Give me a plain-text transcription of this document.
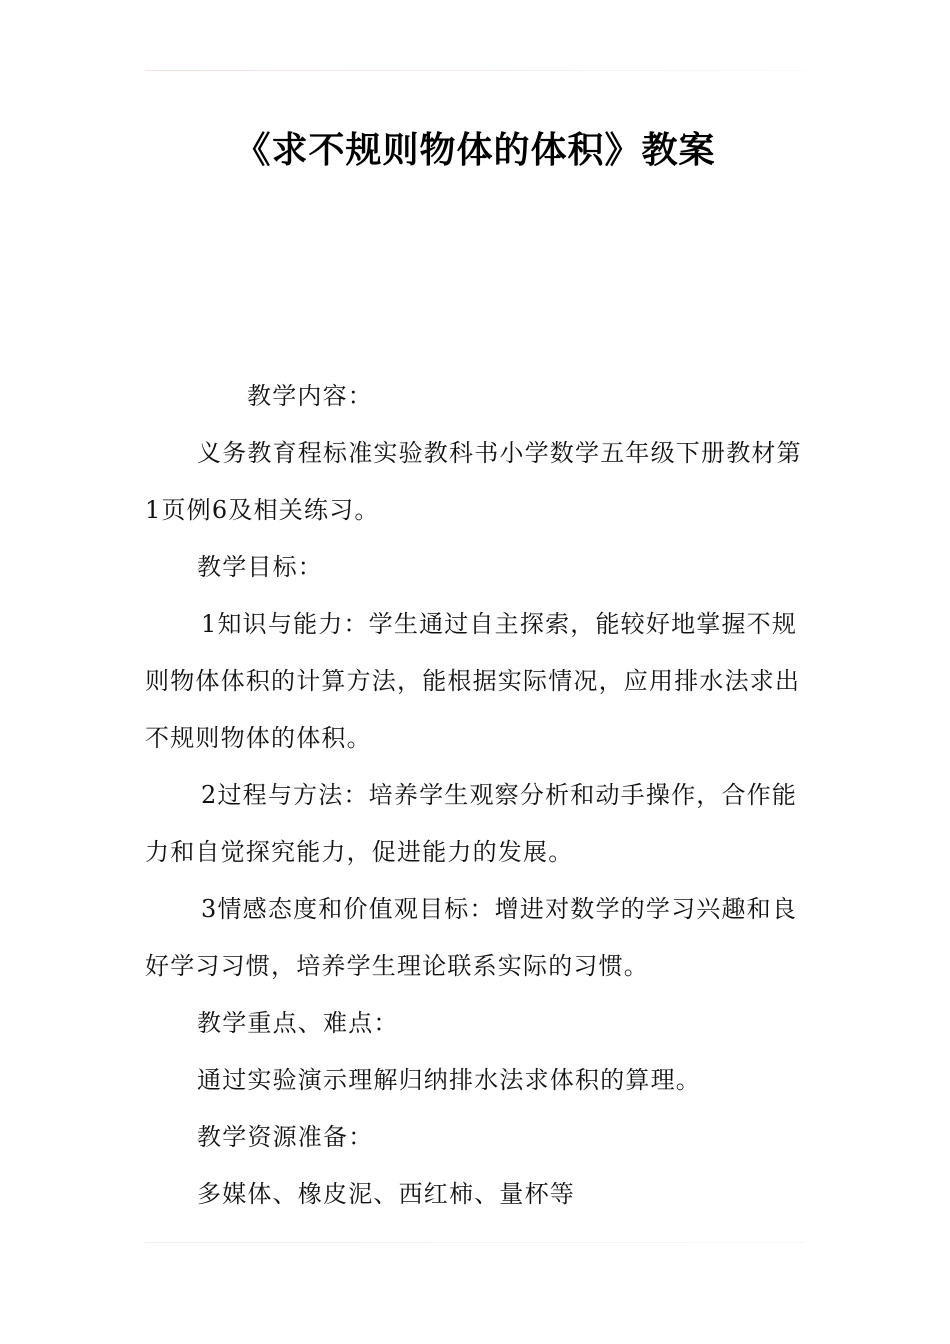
《求不规则物体的体积》教案

教学内容：

义务教育程标准实验教科书小学数学五年级下册教材第1页例6及相关练习。

教学目标：

1知识与能力：学生通过自主探索，能较好地掌握不规则物体体积的计算方法，能根据实际情况，应用排水法求出不规则物体的体积。

2过程与方法：培养学生观察分析和动手操作，合作能力和自觉探究能力，促进能力的发展。

3情感态度和价值观目标：增进对数学的学习兴趣和良好学习习惯，培养学生理论联系实际的习惯。

教学重点、难点：

通过实验演示理解归纳排水法求体积的算理。

教学资源准备：

多媒体、橡皮泥、西红柿、量杯等
